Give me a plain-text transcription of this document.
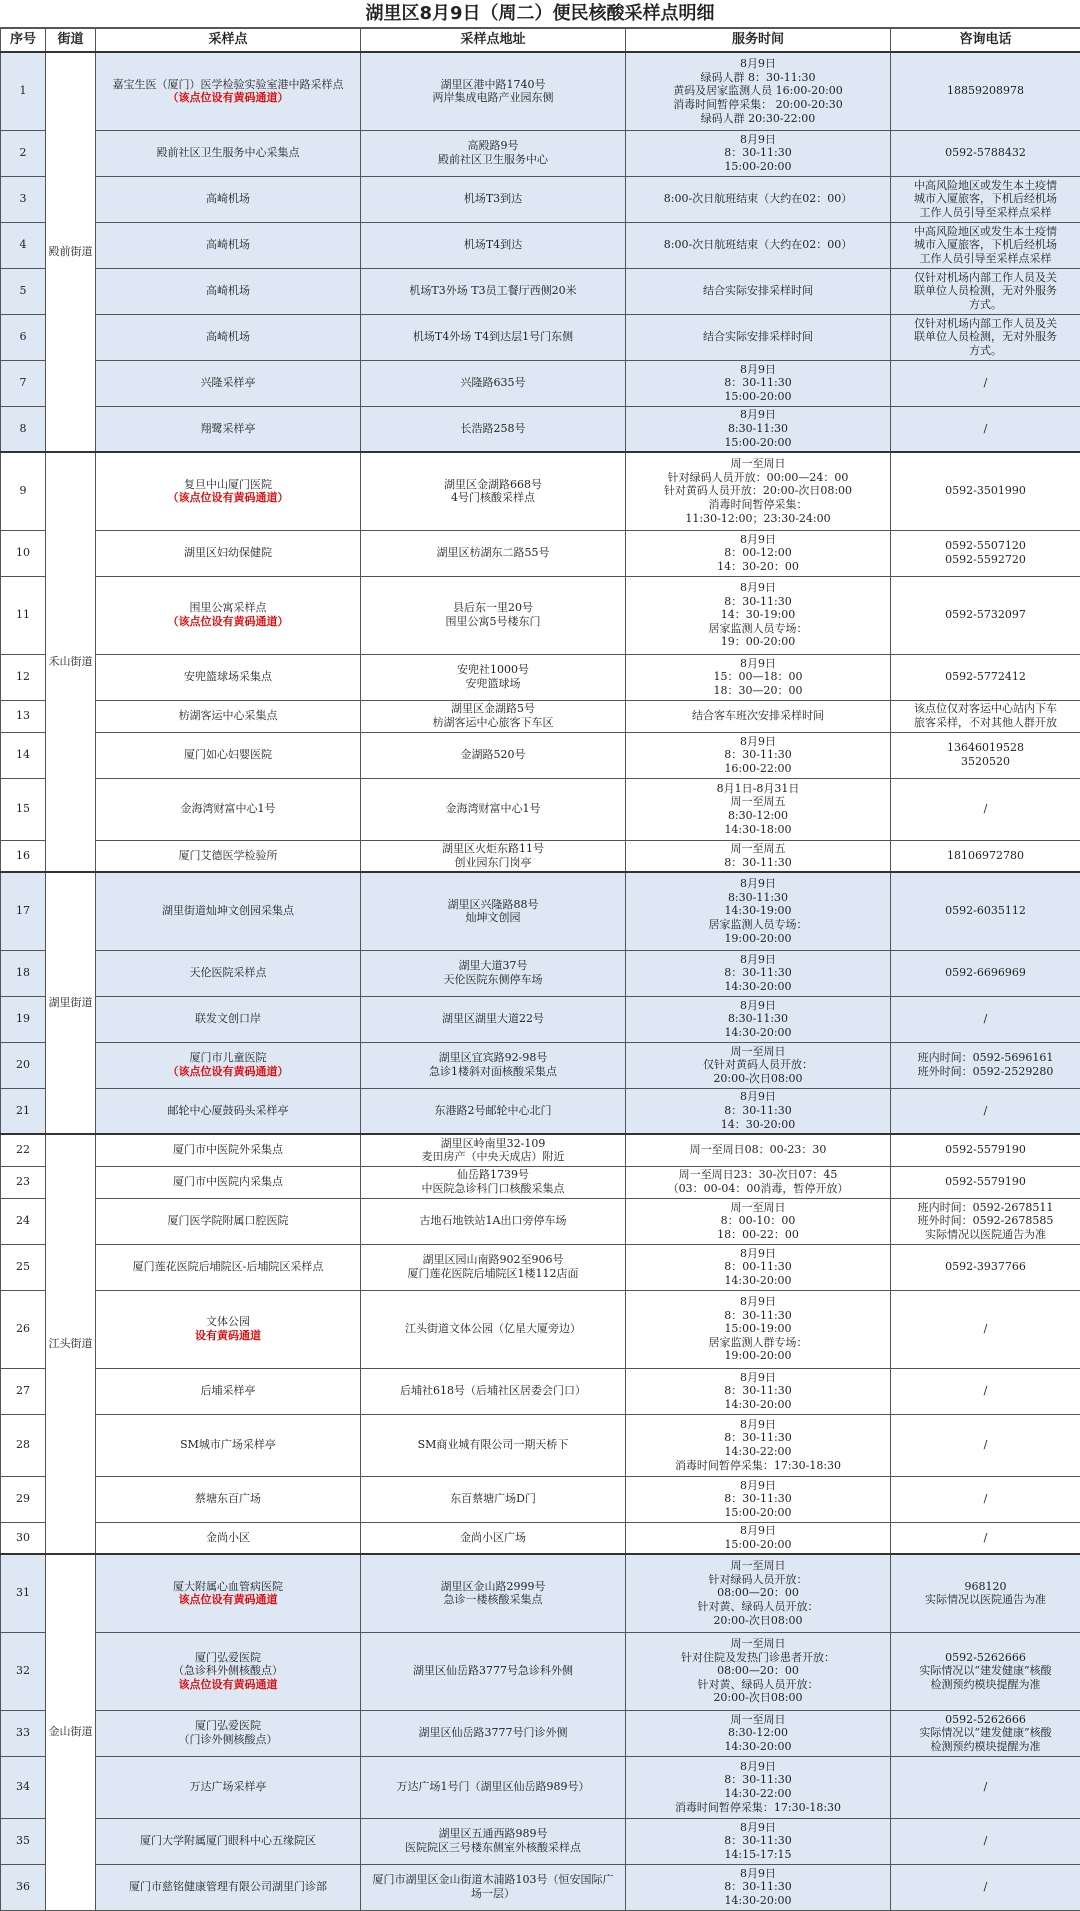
湖里区8月9日（周二）便民核酸采样点明细
序号	街道	采样点	采样点地址	服务时间	咨询电话
1	殿前街道	嘉宝生医（厦门）医学检验实验室港中路采样点
（该点位设有黄码通道）	湖里区港中路1740号
两岸集成电路产业园东侧	8月9日
绿码人群 8：30-11:30
黄码及居家监测人员 16:00-20:00
消毒时间暂停采集： 20:00-20:30
绿码人群 20:30-22:00	18859208978

2		殿前社区卫生服务中心采集点	高殿路9号
殿前社区卫生服务中心	8月9日
8：30-11:30
15:00-20:00	0592-5788432

3		高崎机场	机场T3到达	8:00-次日航班结束（大约在02：00）	中高风险地区或发生本土疫情
城市入厦旅客，下机后经机场
工作人员引导至采样点采样

4		高崎机场	机场T4到达	8:00-次日航班结束（大约在02：00）	中高风险地区或发生本土疫情
城市入厦旅客，下机后经机场
工作人员引导至采样点采样

5		高崎机场	机场T3外场 T3员工餐厅西侧20米	结合实际安排采样时间	仅针对机场内部工作人员及关
联单位人员检测，无对外服务
方式。

6		高崎机场	机场T4外场 T4到达层1号门东侧	结合实际安排采样时间	仅针对机场内部工作人员及关
联单位人员检测，无对外服务
方式。

7		兴隆采样亭	兴隆路635号	8月9日
8：30-11:30
15:00-20:00	/

8		翔鹭采样亭	长浩路258号	8月9日
8:30-11:30
15:00-20:00	/

9	禾山街道	复旦中山厦门医院
（该点位设有黄码通道）	湖里区金湖路668号
4号门核酸采样点	周一至周日
针对绿码人员开放：00:00—24：00
针对黄码人员开放：20:00-次日08:00
消毒时间暂停采集：
11:30-12:00；23:30-24:00	0592-3501990

10		湖里区妇幼保健院	湖里区枋湖东二路55号	8月9日
8：00-12:00
14：30-20：00	0592-5507120
0592-5592720

11		围里公寓采样点
（该点位设有黄码通道）	县后东一里20号
围里公寓5号楼东门	8月9日
8：30-11:30
14：30-19:00
居家监测人员专场：
19：00-20:00	0592-5732097

12		安兜篮球场采集点	安兜社1000号
安兜篮球场	8月9日
15：00—18：00
18：30—20：00	0592-5772412

13		枋湖客运中心采集点	湖里区金湖路5号
枋湖客运中心旅客下车区	结合客车班次安排采样时间	该点位仅对客运中心站内下车
旅客采样，不对其他人群开放

14		厦门如心妇婴医院	金湖路520号	8月9日
8：30-11:30
16:00-22:00	13646019528
3520520

15		金海湾财富中心1号	金海湾财富中心1号	8月1日-8月31日
周一至周五
8:30-12:00
14:30-18:00	/

16		厦门艾德医学检验所	湖里区火炬东路11号
创业园东门岗亭	周一至周五
8：30-11:30	18106972780

17	湖里街道	湖里街道灿坤文创园采集点	湖里区兴隆路88号
灿坤文创园	8月9日
8:30-11:30
14:30-19:00
居家监测人员专场：
19:00-20:00	0592-6035112

18		天伦医院采样点	湖里大道37号
天伦医院东侧停车场	8月9日
8：30-11:30
14:30-20:00	0592-6696969

19		联发文创口岸	湖里区湖里大道22号	8月9日
8:30-11:30
14:30-20:00	/

20		厦门市儿童医院
（该点位设有黄码通道）	湖里区宜宾路92-98号
急诊1楼斜对面核酸采集点	周一至周日
仅针对黄码人员开放：
20:00-次日08:00	班内时间：0592-5696161
班外时间：0592-2529280

21		邮轮中心厦鼓码头采样亭	东港路2号邮轮中心北门	8月9日
8：30-11:30
14：30-20:00	/

22	江头街道	厦门市中医院外采集点	湖里区岭南里32-109
麦田房产（中央天成店）附近	周一至周日08：00-23：30	0592-5579190

23		厦门市中医院内采集点	仙岳路1739号
中医院急诊科门口核酸采集点	周一至周日23：30-次日07：45
（03：00-04：00消毒，暂停开放）	0592-5579190

24		厦门医学院附属口腔医院	古地石地铁站1A出口旁停车场	周一至周日
8：00-10：00
18：00-22：00	班内时间：0592-2678511
班外时间：0592-2678585
实际情况以医院通告为准

25		厦门莲花医院后埔院区-后埔院区采样点	湖里区园山南路902至906号
厦门莲花医院后埔院区1楼112店面	8月9日
8：00-11:30
14:30-20:00	0592-3937766

26		文体公园
设有黄码通道	江头街道文体公园（亿星大厦旁边）	8月9日
8：30-11:30
15:00-19:00
居家监测人群专场：
19:00-20:00	/

27		后埔采样亭	后埔社618号（后埔社区居委会门口）	8月9日
8：30-11:30
14:30-20:00	/

28		SM城市广场采样亭	SM商业城有限公司一期天桥下	8月9日
8：30-11:30
14:30-22:00
消毒时间暂停采集：17:30-18:30	/

29		蔡塘东百广场	东百蔡塘广场D门	8月9日
8：30-11:30
15:00-20:00	/

30		金尚小区	金尚小区广场	8月9日
15:00-20:00	/

31	金山街道	厦大附属心血管病医院
该点位设有黄码通道	湖里区金山路2999号
急诊一楼核酸采集点	周一至周日
针对绿码人员开放：
08:00—20：00
针对黄、绿码人员开放：
20:00-次日08:00	968120
实际情况以医院通告为准

32		厦门弘爱医院
（急诊科外侧核酸点）
该点位设有黄码通道	湖里区仙岳路3777号急诊科外侧	周一至周日
针对住院及发热门诊患者开放：
08:00—20：00
针对黄、绿码人员开放：
20:00-次日08:00	0592-5262666
实际情况以“建发健康”核酸
检测预约模块提醒为准

33		厦门弘爱医院
（门诊外侧核酸点）	湖里区仙岳路3777号门诊外侧	周一至周日
8:30-12:00
14:30-20:00	0592-5262666
实际情况以“建发健康”核酸
检测预约模块提醒为准

34		万达广场采样亭	万达广场1号门（湖里区仙岳路989号）	8月9日
8：30-11:30
14:30-22:00
消毒时间暂停采集：17:30-18:30	/

35		厦门大学附属厦门眼科中心五缘院区	湖里区五通西路989号
医院院区三号楼东侧室外核酸采样点	8月9日
8：30-11:30
14:15-17:15	/

36		厦门市慈铭健康管理有限公司湖里门诊部	厦门市湖里区金山街道木浦路103号（恒安国际广
场一层）	8月9日
8：30-11:30
14:30-20:00	/
